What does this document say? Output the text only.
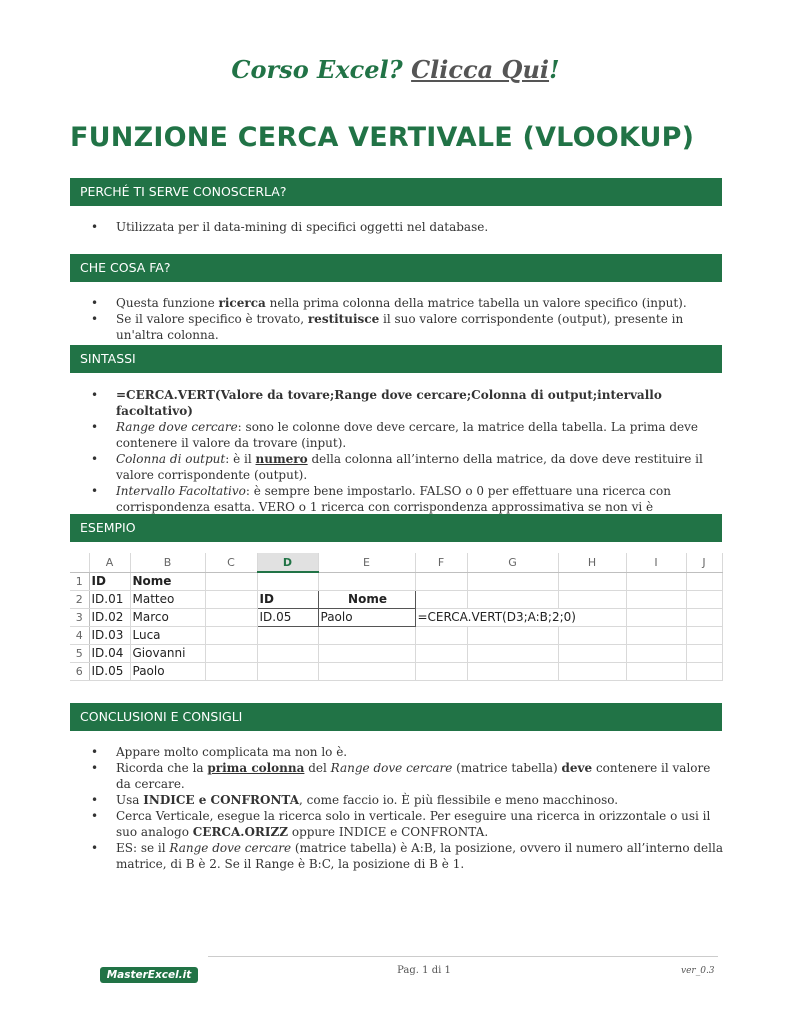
Corso Excel? Clicca Qui!
FUNZIONE CERCA VERTIVALE (VLOOKUP)
PERCHÉ TI SERVE CONOSCERLA?
• Utilizzata per il data-mining di specifici oggetti nel database.
CHE COSA FA?
• Questa funzione ricerca nella prima colonna della matrice tabella un valore specifico (input).
• Se il valore specifico è trovato, restituisce il suo valore corrispondente (output), presente in un'altra colonna.
SINTASSI
• =CERCA.VERT(Valore da tovare;Range dove cercare;Colonna di output;intervallo facoltativo)
• Range dove cercare: sono le colonne dove deve cercare, la matrice della tabella. La prima deve contenere il valore da trovare (input).
• Colonna di output: è il numero della colonna all’interno della matrice, da dove deve restituire il valore corrispondente (output).
• Intervallo Facoltativo: è sempre bene impostarlo. FALSO o 0 per effettuare una ricerca con corrispondenza esatta. VERO o 1 ricerca con corrispondenza approssimativa se non vi è
ESEMPIO
	A	B	C	D	E	F	G	H	I	J	
1	ID	Nome									
2	ID.01	Matteo		ID	Nome						
3	ID.02	Marco		ID.05	Paolo	=CERCA.VERT(D3;A:B;2;0)					
4	ID.03	Luca									
5	ID.04	Giovanni									
6	ID.05	Paolo									
CONCLUSIONI E CONSIGLI
• Appare molto complicata ma non lo è.
• Ricorda che la prima colonna del Range dove cercare (matrice tabella) deve contenere il valore da cercare.
• Usa INDICE e CONFRONTA, come faccio io. È più flessibile e meno macchinoso.
• Cerca Verticale, esegue la ricerca solo in verticale. Per eseguire una ricerca in orizzontale o usi il suo analogo CERCA.ORIZZ oppure INDICE e CONFRONTA.
• ES: se il Range dove cercare (matrice tabella) è A:B, la posizione, ovvero il numero all’interno della matrice, di B è 2. Se il Range è B:C, la posizione di B è 1.
MasterExcel.it	Pag. 1 di 1	ver_0.3
